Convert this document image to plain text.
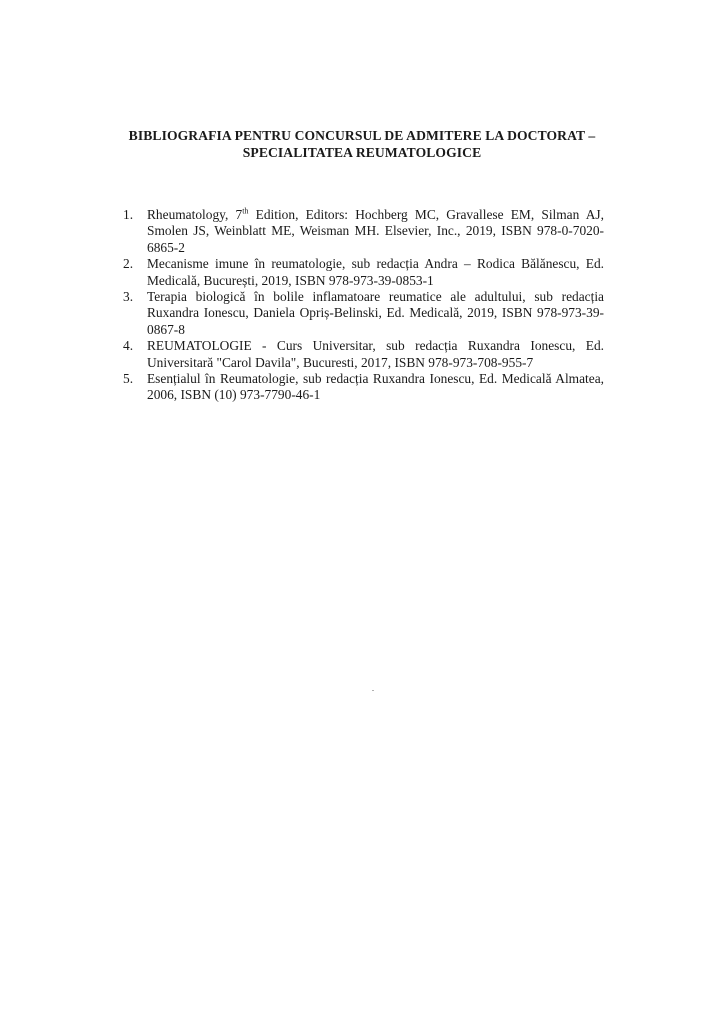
BIBLIOGRAFIA PENTRU CONCURSUL DE ADMITERE LA DOCTORAT –
SPECIALITATEA REUMATOLOGICE
1. Rheumatology, 7th Edition, Editors: Hochberg MC, Gravallese EM, Silman AJ, Smolen JS, Weinblatt ME, Weisman MH. Elsevier, Inc., 2019, ISBN 978-0-7020-6865-2
2. Mecanisme imune în reumatologie, sub redacția Andra – Rodica Bălănescu, Ed. Medicală, București, 2019, ISBN 978-973-39-0853-1
3. Terapia biologică în bolile inflamatoare reumatice ale adultului, sub redacția Ruxandra Ionescu, Daniela Opriș-Belinski, Ed. Medicală, 2019, ISBN 978-973-39-0867-8
4. REUMATOLOGIE - Curs Universitar, sub redacția Ruxandra Ionescu, Ed. Universitară "Carol Davila", Bucuresti, 2017, ISBN 978-973-708-955-7
5. Esențialul în Reumatologie, sub redacția Ruxandra Ionescu, Ed. Medicală Almatea, 2006, ISBN (10) 973-7790-46-1
